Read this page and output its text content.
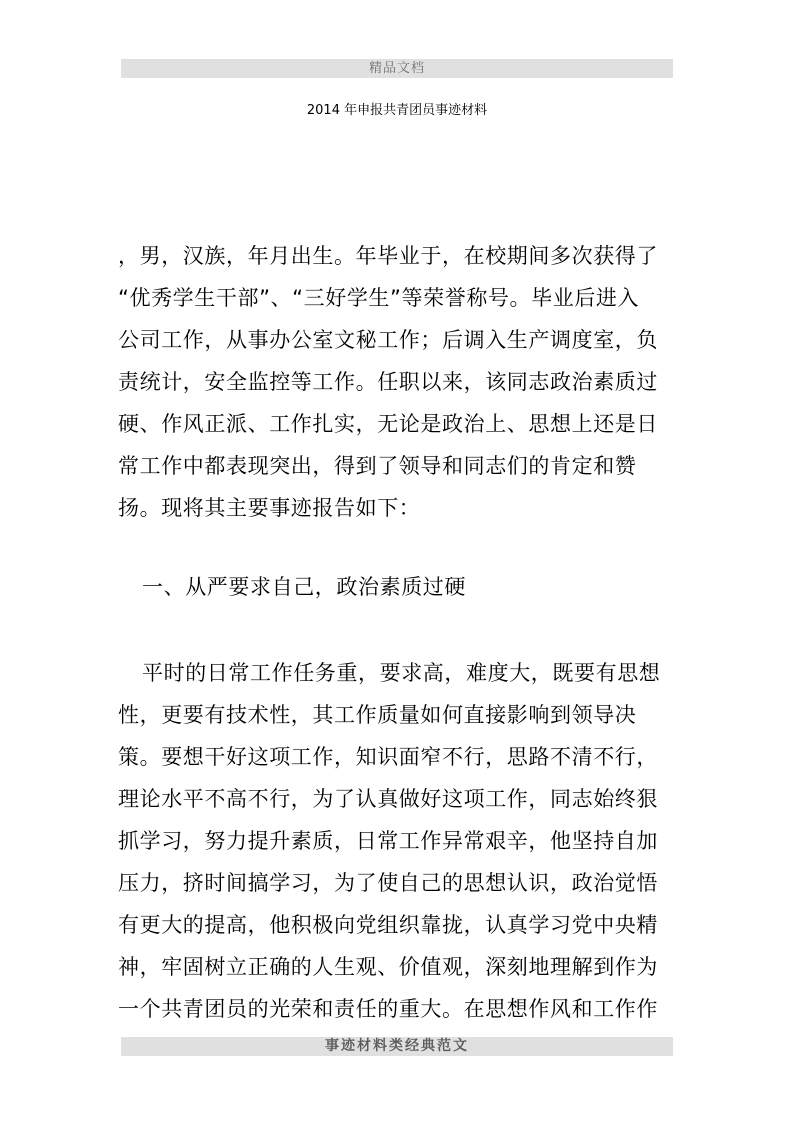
精品文档
2014 年申报共青团员事迹材料
，男，汉族，年月出生。年毕业于，在校期间多次获得了
“优秀学生干部”、“三好学生”等荣誉称号。毕业后进入
公司工作，从事办公室文秘工作；后调入生产调度室，负
责统计，安全监控等工作。任职以来，该同志政治素质过
硬、作风正派、工作扎实，无论是政治上、思想上还是日
常工作中都表现突出，得到了领导和同志们的肯定和赞
扬。现将其主要事迹报告如下：
一、从严要求自己，政治素质过硬
平时的日常工作任务重，要求高，难度大，既要有思想
性，更要有技术性，其工作质量如何直接影响到领导决
策。要想干好这项工作，知识面窄不行，思路不清不行，
理论水平不高不行，为了认真做好这项工作，同志始终狠
抓学习，努力提升素质，日常工作异常艰辛，他坚持自加
压力，挤时间搞学习，为了使自己的思想认识，政治觉悟
有更大的提高，他积极向党组织靠拢，认真学习党中央精
神，牢固树立正确的人生观、价值观，深刻地理解到作为
一个共青团员的光荣和责任的重大。在思想作风和工作作
事迹材料类经典范文
